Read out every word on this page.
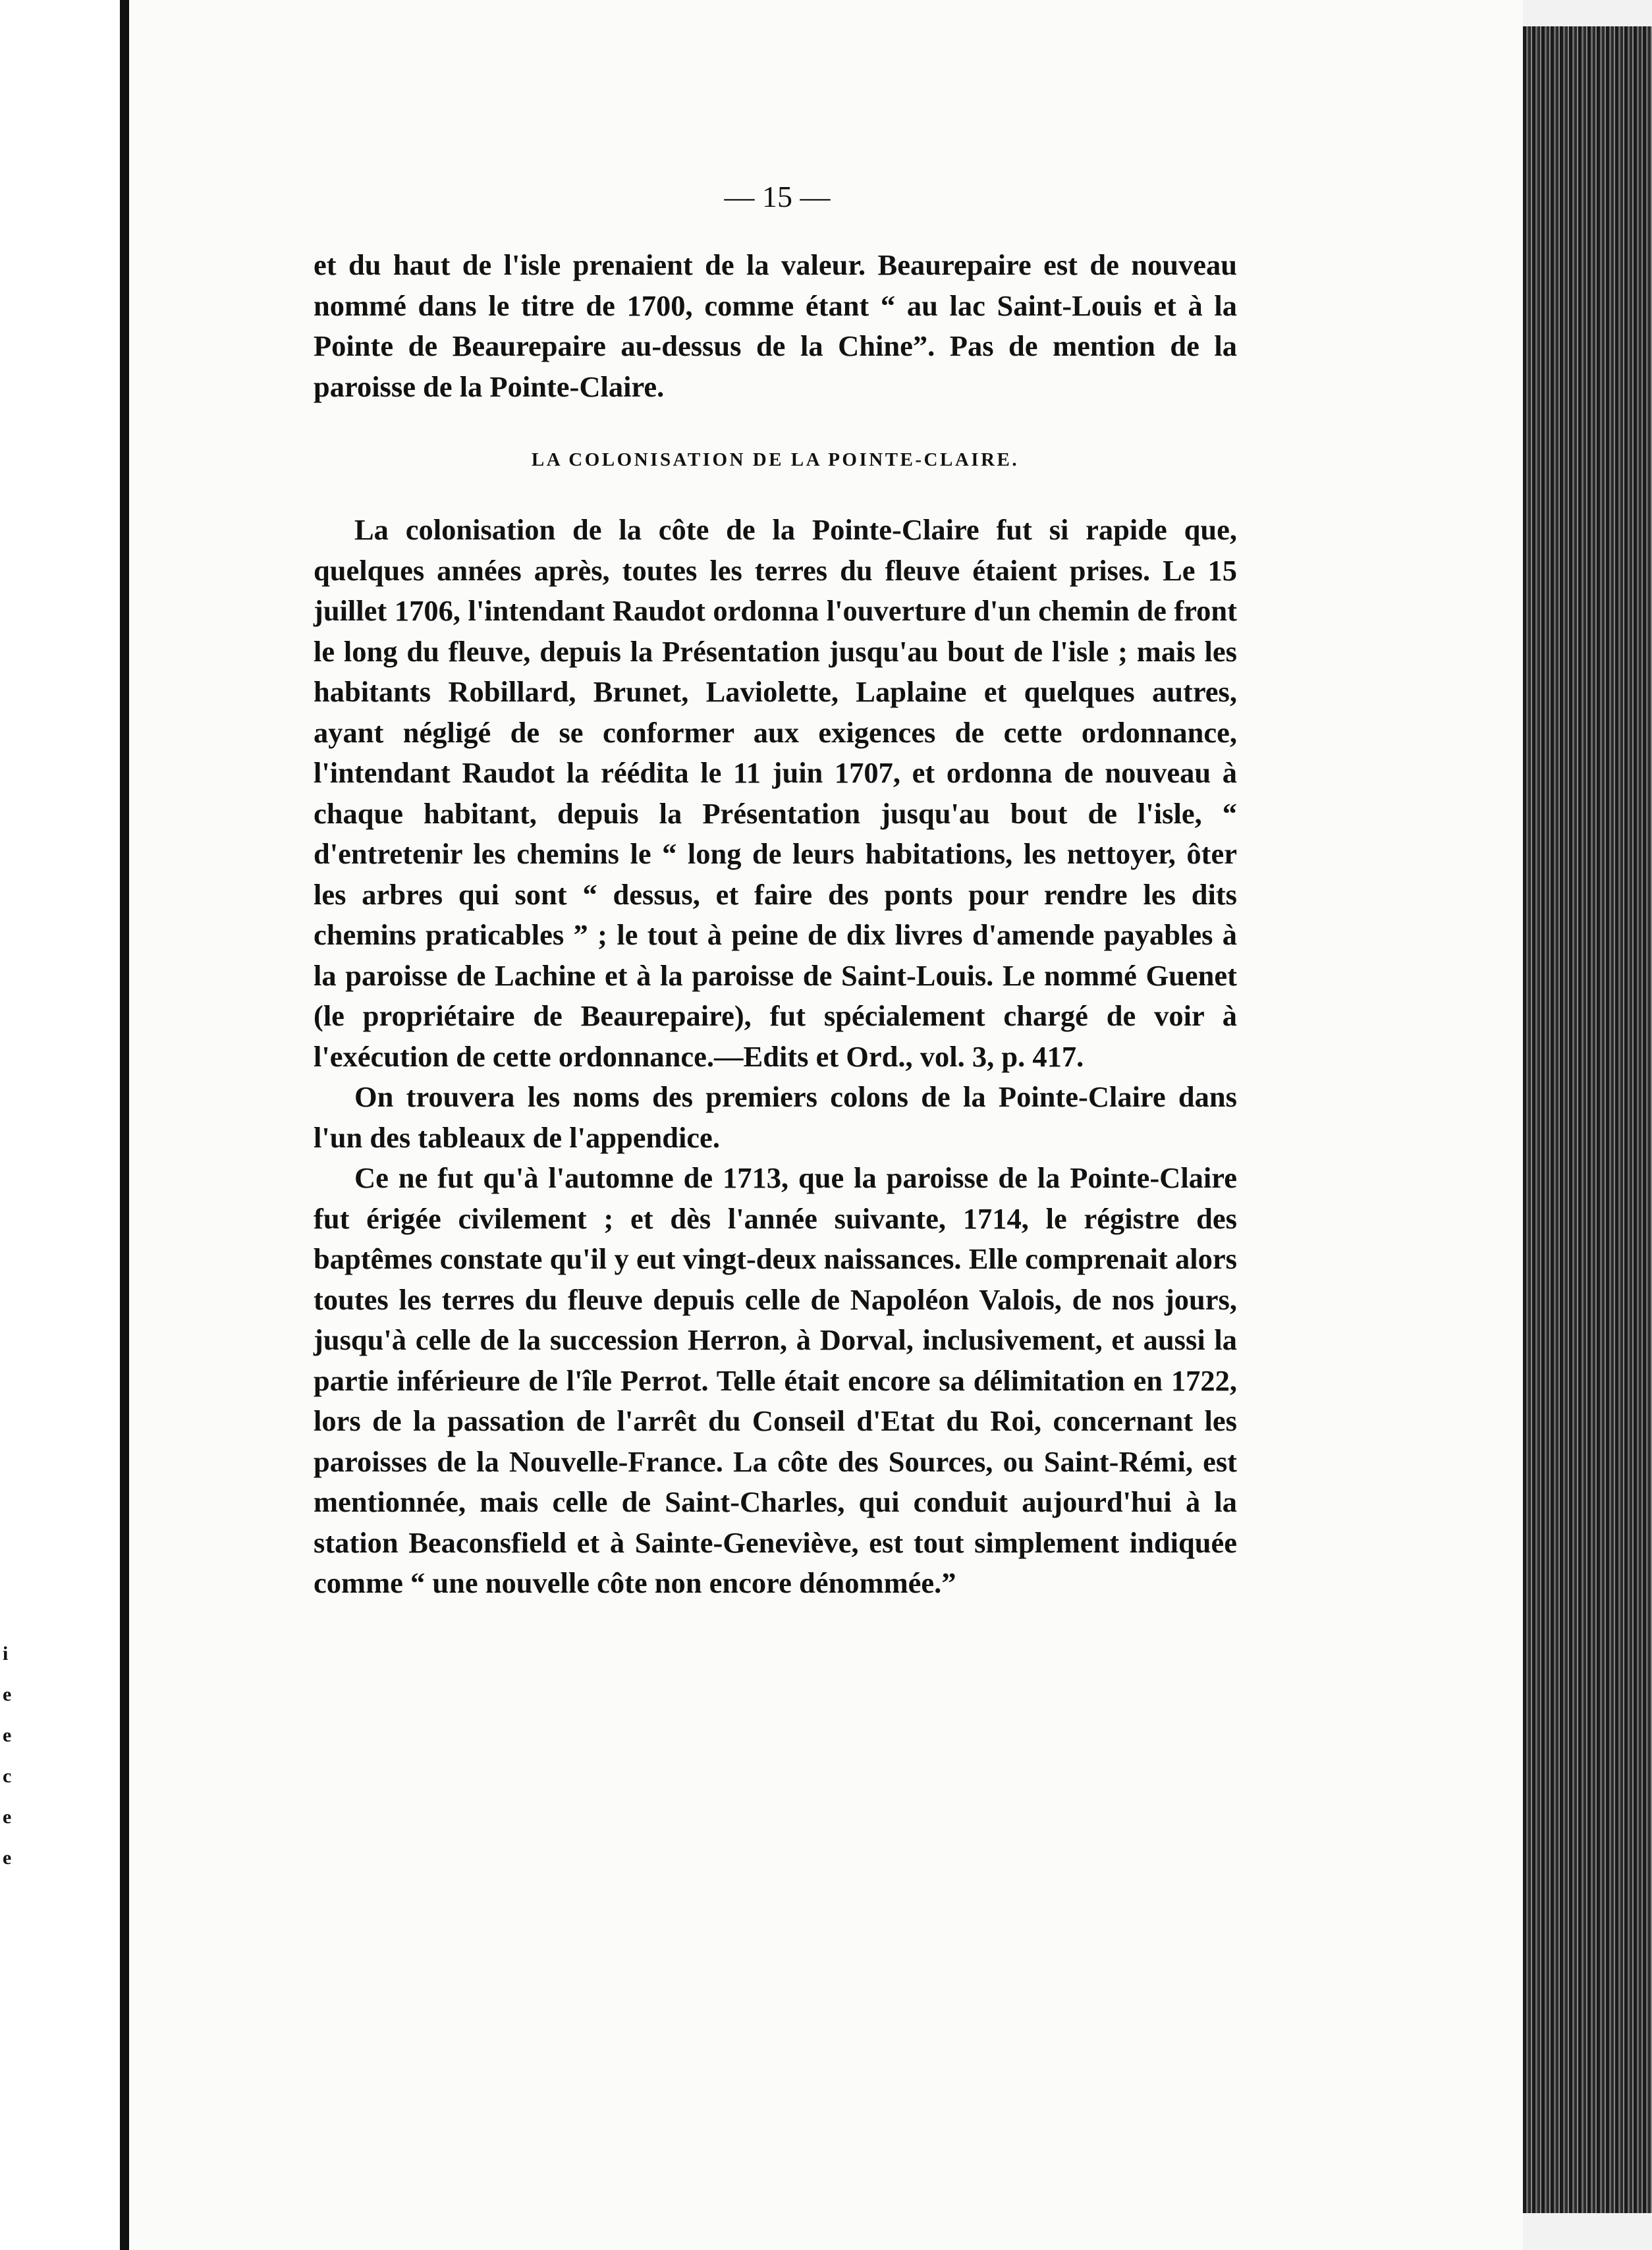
i
e
e
c
e
e
— 15 —

et du haut de l'isle prenaient de la valeur. Beaurepaire est de nouveau nommé dans le titre de 1700, comme étant “ au lac Saint-Louis et à la Pointe de Beaurepaire au-dessus de la Chine”. Pas de mention de la paroisse de la Pointe-Claire.

LA COLONISATION DE LA POINTE-CLAIRE.

La colonisation de la côte de la Pointe-Claire fut si rapide que, quelques années après, toutes les terres du fleuve étaient prises. Le 15 juillet 1706, l'intendant Raudot ordonna l'ouverture d'un chemin de front le long du fleuve, depuis la Présentation jusqu'au bout de l'isle ; mais les habitants Robillard, Brunet, Laviolette, Laplaine et quelques autres, ayant négligé de se conformer aux exigences de cette ordonnance, l'intendant Raudot la réédita le 11 juin 1707, et ordonna de nouveau à chaque habitant, depuis la Présentation jusqu'au bout de l'isle, “ d'entretenir les chemins le “ long de leurs habitations, les nettoyer, ôter les arbres qui sont “ dessus, et faire des ponts pour rendre les dits chemins praticables ” ; le tout à peine de dix livres d'amende payables à la paroisse de Lachine et à la paroisse de Saint-Louis. Le nommé Guenet (le propriétaire de Beaurepaire), fut spécialement chargé de voir à l'exécution de cette ordonnance.—Edits et Ord., vol. 3, p. 417.

On trouvera les noms des premiers colons de la Pointe-Claire dans l'un des tableaux de l'appendice.

Ce ne fut qu'à l'automne de 1713, que la paroisse de la Pointe-Claire fut érigée civilement ; et dès l'année suivante, 1714, le régistre des baptêmes constate qu'il y eut vingt-deux naissances. Elle comprenait alors toutes les terres du fleuve depuis celle de Napoléon Valois, de nos jours, jusqu'à celle de la succession Herron, à Dorval, inclusivement, et aussi la partie inférieure de l'île Perrot. Telle était encore sa délimitation en 1722, lors de la passation de l'arrêt du Conseil d'Etat du Roi, concernant les paroisses de la Nouvelle-France. La côte des Sources, ou Saint-Rémi, est mentionnée, mais celle de Saint-Charles, qui conduit aujourd'hui à la station Beaconsfield et à Sainte-Geneviève, est tout simplement indiquée comme “ une nouvelle côte non encore dénommée.”
